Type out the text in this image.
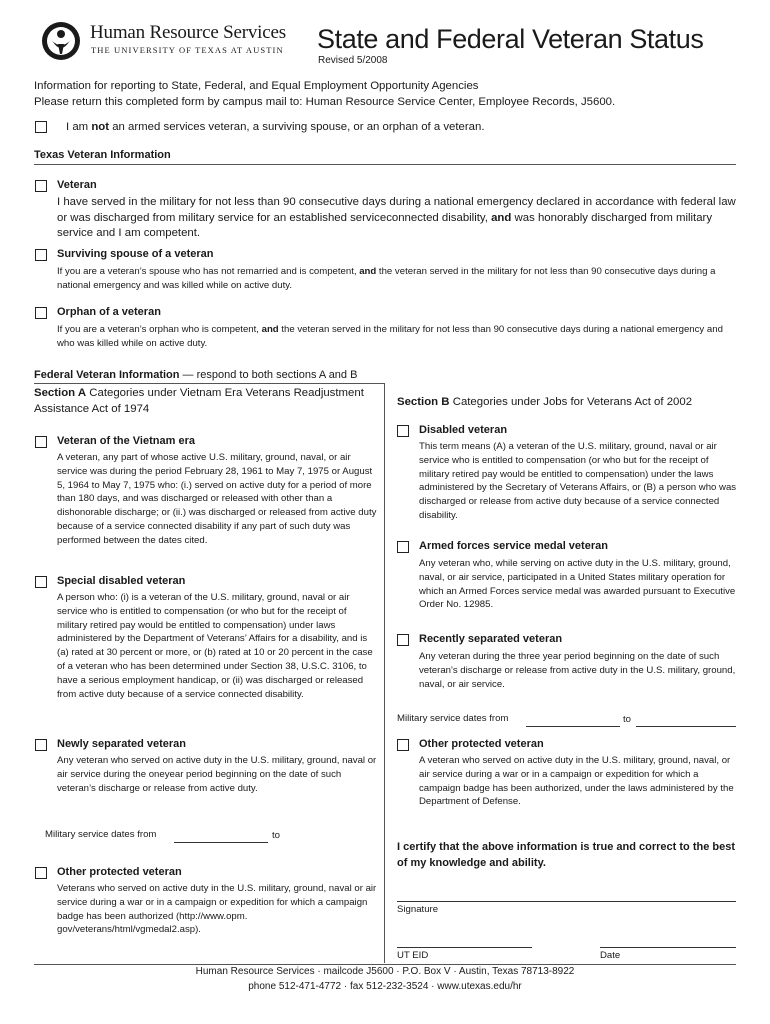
Human Resource Services
THE UNIVERSITY OF TEXAS AT AUSTIN State and Federal Veteran Status
Revised 5/2008
Information for reporting to State, Federal, and Equal Employment Opportunity Agencies
Please return this completed form by campus mail to: Human Resource Service Center, Employee Records, J5600.
I am not an armed services veteran, a surviving spouse, or an orphan of a veteran.
Texas Veteran Information
Veteran
I have served in the military for not less than 90 consecutive days during a national emergency declared in accordance with federal law or was discharged from military service for an established serviceconnected disability, and was honorably discharged from military service and I am competent.
Surviving spouse of a veteran
If you are a veteran’s spouse who has not remarried and is competent, and the veteran served in the military for not less than 90 consecutive days during a national emergency and was killed while on active duty.
Orphan of a veteran
If you are a veteran’s orphan who is competent, and the veteran served in the military for not less than 90 consecutive days during a national emergency and who was killed while on active duty.
Federal Veteran Information — respond to both sections A and B
Section A Categories under Vietnam Era Veterans Readjustment Assistance Act of 1974
Veteran of the Vietnam era
A veteran, any part of whose active U.S. military, ground, naval, or air service was during the period February 28, 1961 to May 7, 1975 or August 5, 1964 to May 7, 1975 who: (i.) served on active duty for a period of more than 180 days, and was discharged or released with other than a dishonorable discharge; or (ii.) was discharged or released from active duty because of a service connected disability if any part of such duty was performed between the dates cited.
Special disabled veteran
A person who: (i) is a veteran of the U.S. military, ground, naval or air service who is entitled to compensation (or who but for the receipt of military retired pay would be entitled to compensation) under laws administered by the Department of Veterans’ Affairs for a disability, and is (a) rated at 30 percent or more, or (b) rated at 10 or 20 percent in the case of a veteran who has been determined under Section 38, U.S.C. 3106, to have a serious employment handicap, or (ii) was discharged or released from active duty because of a service connected disability.
Newly separated veteran
Any veteran who served on active duty in the U.S. military, ground, naval or air service during the oneyear period beginning on the date of such veteran’s discharge or release from active duty.
Military service dates from	to
Other protected veteran
Veterans who served on active duty in the U.S. military, ground, naval or air service during a war or in a campaign or expedition for which a campaign badge has been authorized (http://www.opm. gov/veterans/html/vgmedal2.asp).
Section B Categories under Jobs for Veterans Act of 2002
Disabled veteran
This term means (A) a veteran of the U.S. military, ground, naval or air service who is entitled to compensation (or who but for the receipt of military retired pay would be entitled to compensation) under the laws administered by the Secretary of Veterans Affairs, or (B) a person who was discharged or release from active duty because of a service connected disability.
Armed forces service medal veteran
Any veteran who, while serving on active duty in the U.S. military, ground, naval, or air service, participated in a United States military operation for which an Armed Forces service medal was awarded pursuant to Executive Order No. 12985.
Recently separated veteran
Any veteran during the three year period beginning on the date of such veteran's discharge or release from active duty in the U.S. military, ground, naval, or air service.
Military service dates from	to
Other protected veteran
A veteran who served on active duty in the U.S. military, ground, naval, or air service during a war or in a campaign or expedition for which a campaign badge has been authorized, under the laws administered by the Department of Defense.
I certify that the above information is true and correct to the best of my knowledge and ability.
Signature
UT EID	Date
Human Resource Services · mailcode J5600 · P.O. Box V · Austin, Texas 78713-8922
phone 512-471-4772 · fax 512-232-3524 · www.utexas.edu/hr
